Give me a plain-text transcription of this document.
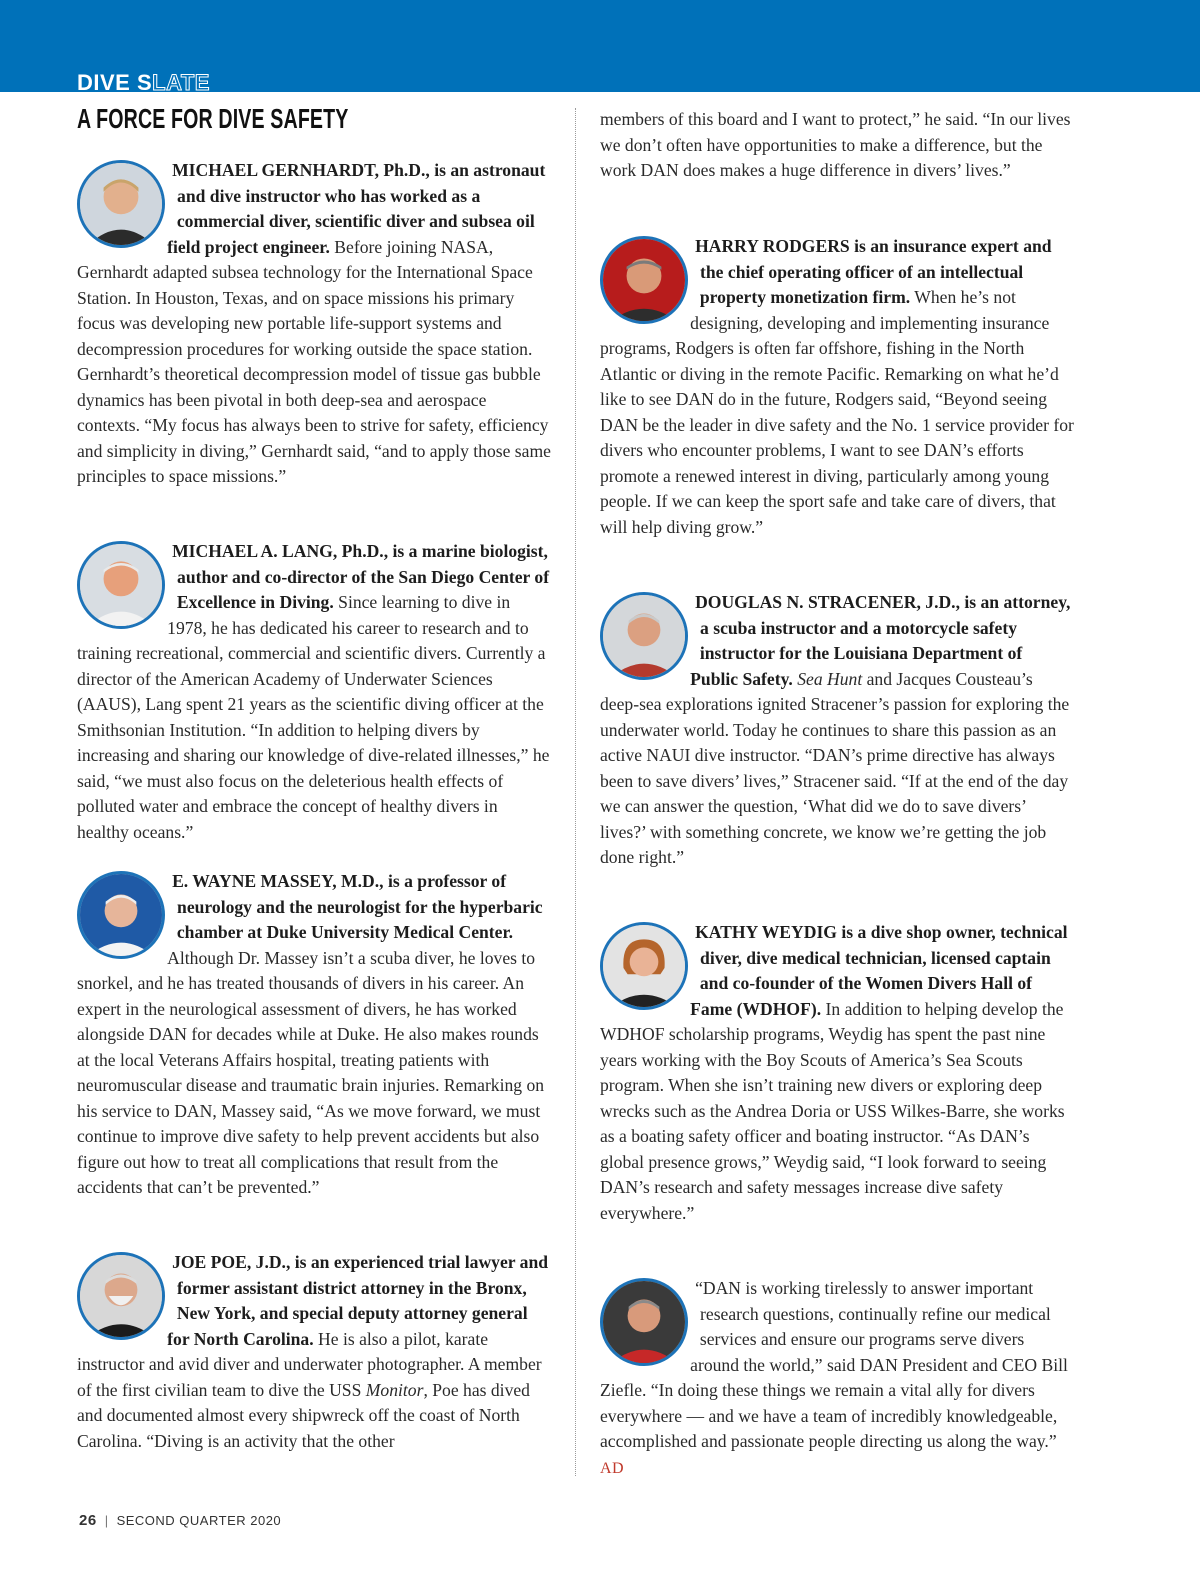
DIVE SLATE
A FORCE FOR DIVE SAFETY

MICHAEL GERNHARDT, Ph.D., is an astronaut and dive instructor who has worked as a commercial diver, scientific diver and subsea oil field project engineer. Before joining NASA, Gernhardt adapted subsea technology for the International Space Station. In Houston, Texas, and on space missions his primary focus was developing new portable life-support systems and decompression procedures for working outside the space station. Gernhardt’s theoretical decompression model of tissue gas bubble dynamics has been pivotal in both deep-sea and aerospace contexts. “My focus has always been to strive for safety, efficiency and simplicity in diving,” Gernhardt said, “and to apply those same principles to space missions.”

MICHAEL A. LANG, Ph.D., is a marine biologist, author and co-director of the San Diego Center of Excellence in Diving. Since learning to dive in 1978, he has dedicated his career to research and to training recreational, commercial and scientific divers. Currently a director of the American Academy of Underwater Sciences (AAUS), Lang spent 21 years as the scientific diving officer at the Smithsonian Institution. “In addition to helping divers by increasing and sharing our knowledge of dive-related illnesses,” he said, “we must also focus on the deleterious health effects of polluted water and embrace the concept of healthy divers in healthy oceans.”

E. WAYNE MASSEY, M.D., is a professor of neurology and the neurologist for the hyperbaric chamber at Duke University Medical Center. Although Dr. Massey isn’t a scuba diver, he loves to snorkel, and he has treated thousands of divers in his career. An expert in the neurological assessment of divers, he has worked alongside DAN for decades while at Duke. He also makes rounds at the local Veterans Affairs hospital, treating patients with neuromuscular disease and traumatic brain injuries. Remarking on his service to DAN, Massey said, “As we move forward, we must continue to improve dive safety to help prevent accidents but also figure out how to treat all complications that result from the accidents that can’t be prevented.”

JOE POE, J.D., is an experienced trial lawyer and former assistant district attorney in the Bronx, New York, and special deputy attorney general for North Carolina. He is also a pilot, karate instructor and avid diver and underwater photographer. A member of the first civilian team to dive the USS Monitor, Poe has dived and documented almost every shipwreck off the coast of North Carolina. “Diving is an activity that the other

members of this board and I want to protect,” he said. “In our lives we don’t often have opportunities to make a difference, but the work DAN does makes a huge difference in divers’ lives.”

HARRY RODGERS is an insurance expert and the chief operating officer of an intellectual property monetization firm. When he’s not designing, developing and implementing insurance programs, Rodgers is often far offshore, fishing in the North Atlantic or diving in the remote Pacific. Remarking on what he’d like to see DAN do in the future, Rodgers said, “Beyond seeing DAN be the leader in dive safety and the No. 1 service provider for divers who encounter problems, I want to see DAN’s efforts promote a renewed interest in diving, particularly among young people. If we can keep the sport safe and take care of divers, that will help diving grow.”

DOUGLAS N. STRACENER, J.D., is an attorney, a scuba instructor and a motorcycle safety instructor for the Louisiana Department of Public Safety. Sea Hunt and Jacques Cousteau’s deep-sea explorations ignited Stracener’s passion for exploring the underwater world. Today he continues to share this passion as an active NAUI dive instructor. “DAN’s prime directive has always been to save divers’ lives,” Stracener said. “If at the end of the day we can answer the question, ‘What did we do to save divers’ lives?’ with something concrete, we know we’re getting the job done right.”

KATHY WEYDIG is a dive shop owner, technical diver, dive medical technician, licensed captain and co-founder of the Women Divers Hall of Fame (WDHOF). In addition to helping develop the WDHOF scholarship programs, Weydig has spent the past nine years working with the Boy Scouts of America’s Sea Scouts program. When she isn’t training new divers or exploring deep wrecks such as the Andrea Doria or USS Wilkes-Barre, she works as a boating safety officer and boating instructor. “As DAN’s global presence grows,” Weydig said, “I look forward to seeing DAN’s research and safety messages increase dive safety everywhere.”

“DAN is working tirelessly to answer important research questions, continually refine our medical services and ensure our programs serve divers around the world,” said DAN President and CEO Bill Ziefle. “In doing these things we remain a vital ally for divers everywhere — and we have a team of incredibly knowledgeable, accomplished and passionate people directing us along the way.” AD

26 | SECOND QUARTER 2020
